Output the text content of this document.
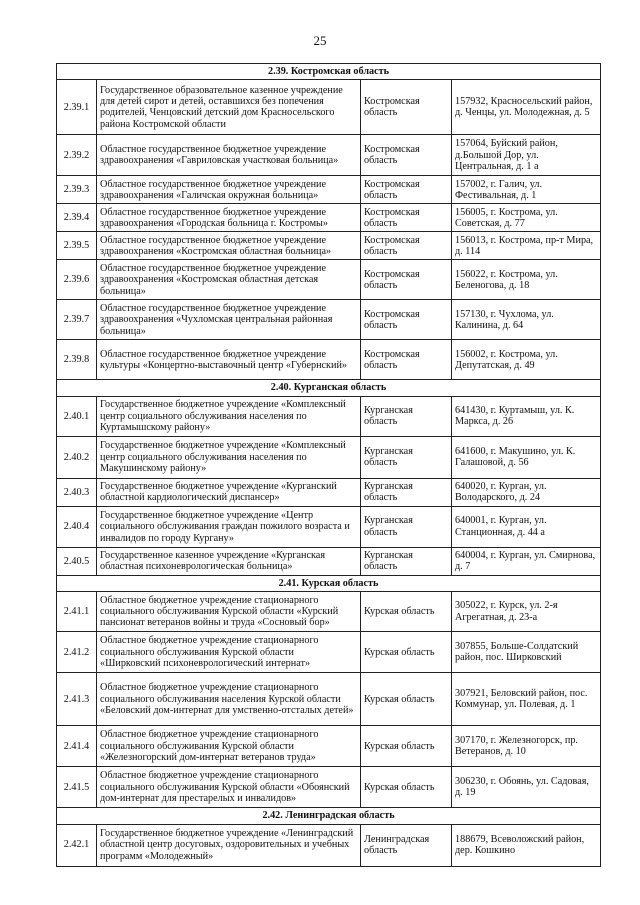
25
2.39. Костромская область			
2.39.1	Государственное образовательное казенное учреждение для детей сирот и детей, оставшихся без попечения родителей, Ченцовский детский дом Красносельского района Костромской области	Костромская область	157932, Красносельский район, д. Ченцы, ул. Молодежная, д. 5
2.39.2	Областное государственное бюджетное учреждение здравоохранения «Гавриловская участковая больница»	Костромская область	157064, Буйский район, д.Большой Дор, ул. Центральная, д. 1 а
2.39.3	Областное государственное бюджетное учреждение здравоохранения «Галичская окружная больница»	Костромская область	157002, г. Галич, ул. Фестивальная, д. 1
2.39.4	Областное государственное бюджетное учреждение здравоохранения «Городская больница г. Костромы»	Костромская область	156005, г. Кострома, ул. Советская, д. 77
2.39.5	Областное государственное бюджетное учреждение здравоохранения «Костромская областная больница»	Костромская область	156013, г. Кострома, пр-т Мира, д. 114
2.39.6	Областное государственное бюджетное учреждение здравоохранения «Костромская областная детская больница»	Костромская область	156022, г. Кострома, ул. Беленогова, д. 18
2.39.7	Областное государственное бюджетное учреждение здравоохранения «Чухломская центральная районная больница»	Костромская область	157130, г. Чухлома, ул. Калинина, д. 64
2.39.8	Областное государственное бюджетное учреждение культуры «Концертно-выставочный центр «Губернский»	Костромская область	156002, г. Кострома, ул. Депутатская, д. 49
2.40. Курганская область			
2.40.1	Государственное бюджетное учреждение «Комплексный центр социального обслуживания населения по Куртамышскому району»	Курганская область	641430, г. Куртамыш, ул. К. Маркса, д. 26
2.40.2	Государственное бюджетное учреждение «Комплексный центр социального обслуживания населения по Макушинскому району»	Курганская область	641600, г. Макушино, ул. К. Галашовой, д. 56
2.40.3	Государственное бюджетное учреждение «Курганский областной кардиологический диспансер»	Курганская область	640020, г. Курган, ул. Володарского, д. 24
2.40.4	Государственное бюджетное учреждение «Центр социального обслуживания граждан пожилого возраста и инвалидов по городу Кургану»	Курганская область	640001, г. Курган, ул. Станционная, д. 44 а
2.40.5	Государственное казенное учреждение «Курганская областная психоневрологическая больница»	Курганская область	640004, г. Курган, ул. Смирнова, д. 7
2.41. Курская область			
2.41.1	Областное бюджетное учреждение стационарного социального обслуживания Курской области «Курский пансионат ветеранов войны и труда «Сосновый бор»	Курская область	305022, г. Курск, ул. 2-я Агрегатная, д. 23-а
2.41.2	Областное бюджетное учреждение стационарного социального обслуживания Курской области «Ширковский психоневрологический интернат»	Курская область	307855, Больше-Солдатский район, пос. Ширковский
2.41.3	Областное бюджетное учреждение стационарного социального обслуживания населения Курской области «Беловский дом-интернат для умственно-отсталых детей»	Курская область	307921, Беловский район, пос. Коммунар, ул. Полевая, д. 1
2.41.4	Областное бюджетное учреждение стационарного социального обслуживания Курской области «Железногорский дом-интернат ветеранов труда»	Курская область	307170, г. Железногорск, пр. Ветеранов, д. 10
2.41.5	Областное бюджетное учреждение стационарного социального обслуживания Курской области «Обоянский дом-интернат для престарелых и инвалидов»	Курская область	306230, г. Обоянь, ул. Садовая, д. 19
2.42. Ленинградская область			
2.42.1	Государственное бюджетное учреждение «Ленинградский областной центр досуговых, оздоровительных и учебных программ «Молодежный»	Ленинградская область	188679, Всеволожский район, дер. Кошкино
